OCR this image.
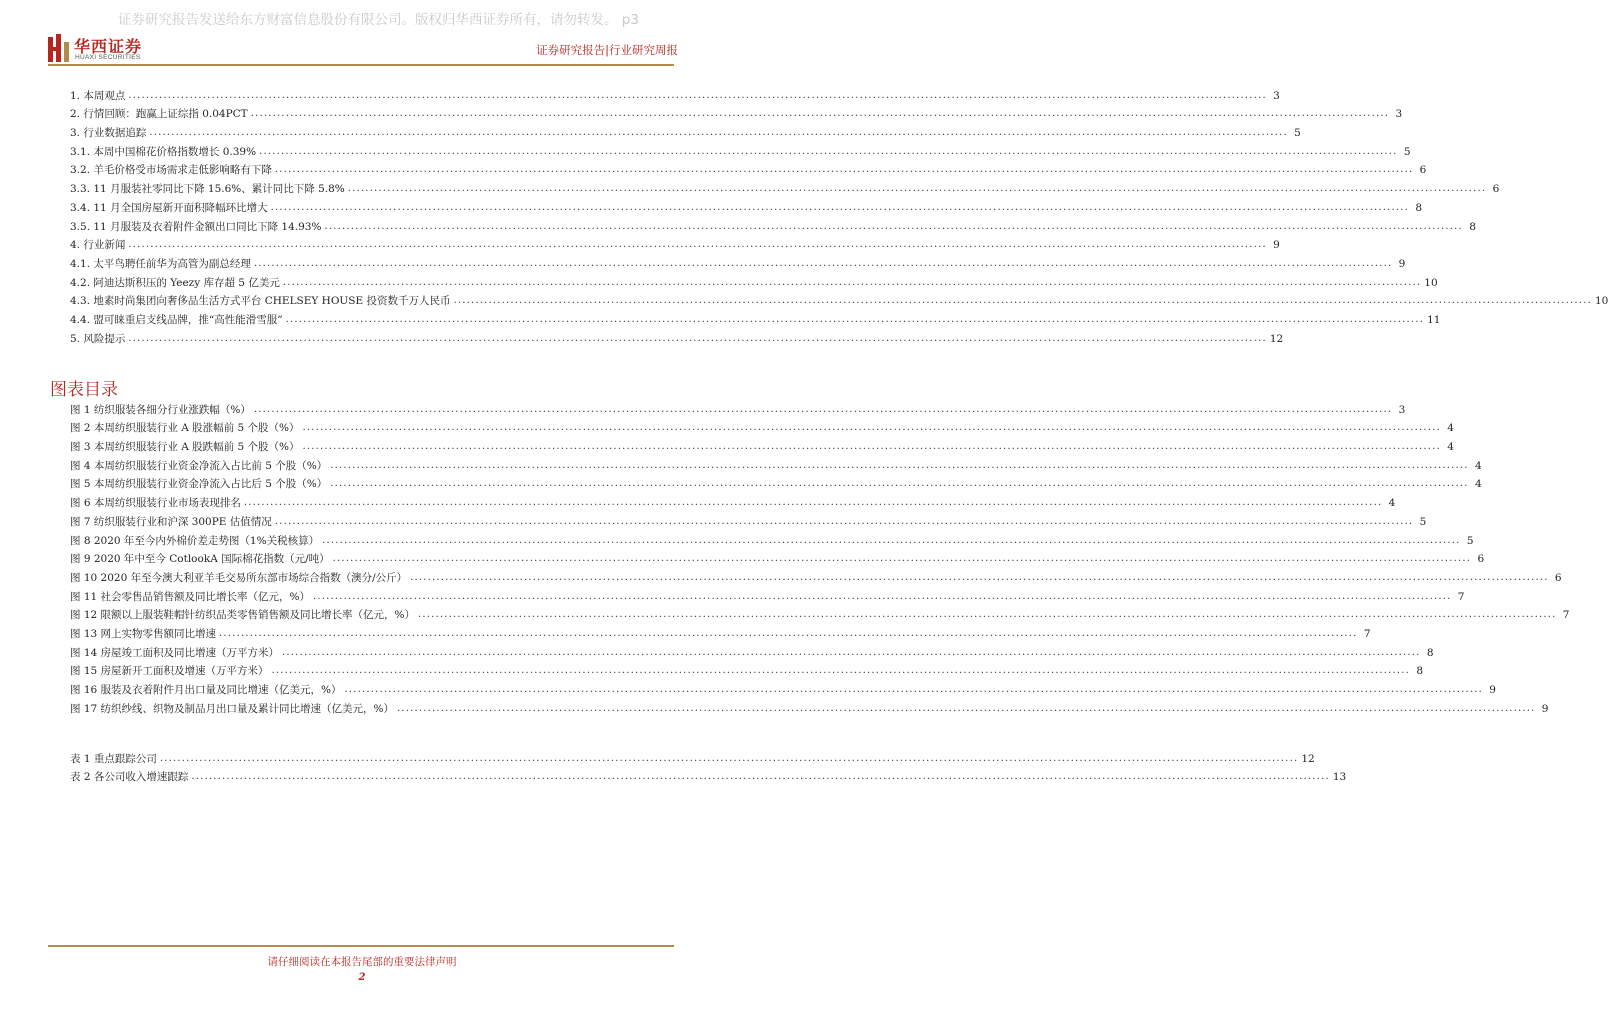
证券研究报告发送给东方财富信息股份有限公司。版权归华西证券所有，请勿转发。 p3
华西证券
HUAXI SECURITIES
证券研究报告|行业研究周报
1. 本周观点 .................................................................................................................................................................................................................................................................... 3
2. 行情回顾：跑赢上证综指 0.04PCT .................................................................................................................................................................................................................................................................... 3
3. 行业数据追踪 .................................................................................................................................................................................................................................................................... 5
3.1. 本周中国棉花价格指数增长 0.39% .................................................................................................................................................................................................................................................................... 5
3.2. 羊毛价格受市场需求走低影响略有下降 .................................................................................................................................................................................................................................................................... 6
3.3. 11 月服装社零同比下降 15.6%、累计同比下降 5.8% .................................................................................................................................................................................................................................................................... 6
3.4. 11 月全国房屋新开面积降幅环比增大 .................................................................................................................................................................................................................................................................... 8
3.5. 11 月服装及衣着附件金额出口同比下降 14.93% .................................................................................................................................................................................................................................................................... 8
4. 行业新闻 .................................................................................................................................................................................................................................................................... 9
4.1. 太平鸟聘任前华为高管为副总经理 .................................................................................................................................................................................................................................................................... 9
4.2. 阿迪达斯积压的 Yeezy 库存超 5 亿美元 .................................................................................................................................................................................................................................................................... 10
4.3. 地素时尚集团向奢侈品生活方式平台 CHELSEY HOUSE 投资数千万人民币 .................................................................................................................................................................................................................................................................... 10
4.4. 盟可睐重启支线品牌，推“高性能滑雪服” .................................................................................................................................................................................................................................................................... 11
5. 风险提示 .................................................................................................................................................................................................................................................................... 12
图表目录
图 1 纺织服装各细分行业涨跌幅（%） .................................................................................................................................................................................................................................................................... 3
图 2 本周纺织服装行业 A 股涨幅前 5 个股（%） .................................................................................................................................................................................................................................................................... 4
图 3 本周纺织服装行业 A 股跌幅前 5 个股（%） .................................................................................................................................................................................................................................................................... 4
图 4 本周纺织服装行业资金净流入占比前 5 个股（%） .................................................................................................................................................................................................................................................................... 4
图 5 本周纺织服装行业资金净流入占比后 5 个股（%） .................................................................................................................................................................................................................................................................... 4
图 6 本周纺织服装行业市场表现排名 .................................................................................................................................................................................................................................................................... 4
图 7 纺织服装行业和沪深 300PE 估值情况 .................................................................................................................................................................................................................................................................... 5
图 8 2020 年至今内外棉价差走势图（1%关税核算） .................................................................................................................................................................................................................................................................... 5
图 9 2020 年中至今 CotlookA 国际棉花指数（元/吨） .................................................................................................................................................................................................................................................................... 6
图 10 2020 年至今澳大利亚羊毛交易所东部市场综合指数（澳分/公斤） .................................................................................................................................................................................................................................................................... 6
图 11 社会零售品销售额及同比增长率（亿元，%） .................................................................................................................................................................................................................................................................... 7
图 12 限额以上服装鞋帽针纺织品类零售销售额及同比增长率（亿元，%） .................................................................................................................................................................................................................................................................... 7
图 13 网上实物零售额同比增速 .................................................................................................................................................................................................................................................................... 7
图 14 房屋竣工面积及同比增速（万平方米） .................................................................................................................................................................................................................................................................... 8
图 15 房屋新开工面积及增速（万平方米） .................................................................................................................................................................................................................................................................... 8
图 16 服装及衣着附件月出口量及同比增速（亿美元，%） .................................................................................................................................................................................................................................................................... 9
图 17 纺织纱线、织物及制品月出口量及累计同比增速（亿美元，%） .................................................................................................................................................................................................................................................................... 9
表 1 重点跟踪公司 .................................................................................................................................................................................................................................................................... 12
表 2 各公司收入增速跟踪 .................................................................................................................................................................................................................................................................... 13
请仔细阅读在本报告尾部的重要法律声明
2
